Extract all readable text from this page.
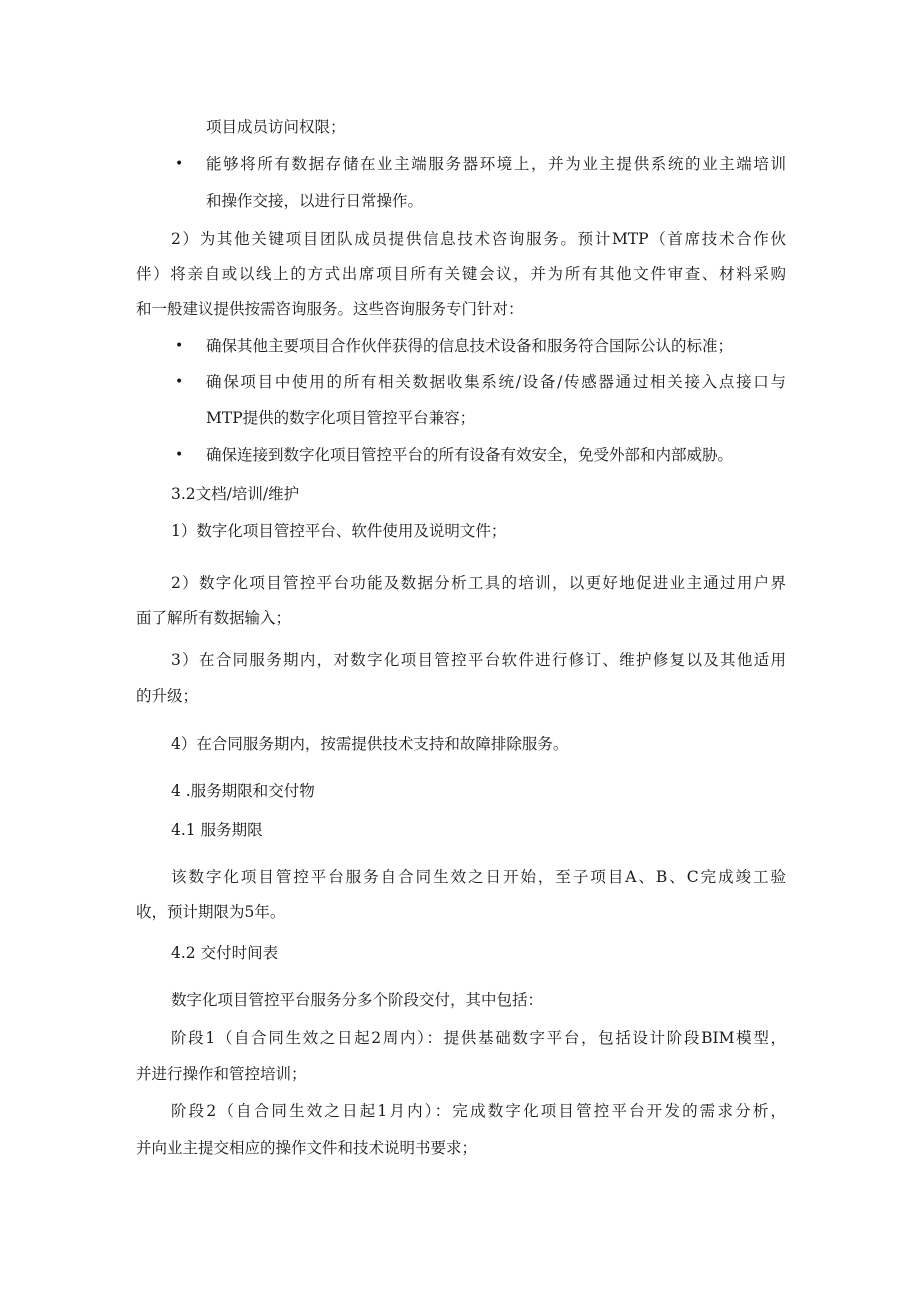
项目成员访问权限；
• 能够将所有数据存储在业主端服务器环境上，并为业主提供系统的业主端培训
和操作交接，以进行日常操作。
2）为其他关键项目团队成员提供信息技术咨询服务。预计MTP（首席技术合作伙
伴）将亲自或以线上的方式出席项目所有关键会议，并为所有其他文件审查、材料采购
和一般建议提供按需咨询服务。这些咨询服务专门针对：
• 确保其他主要项目合作伙伴获得的信息技术设备和服务符合国际公认的标准；
• 确保项目中使用的所有相关数据收集系统/设备/传感器通过相关接入点接口与
MTP提供的数字化项目管控平台兼容；
• 确保连接到数字化项目管控平台的所有设备有效安全，免受外部和内部威胁。
3.2文档/培训/维护
1）数字化项目管控平台、软件使用及说明文件；
2）数字化项目管控平台功能及数据分析工具的培训，以更好地促进业主通过用户界
面了解所有数据输入；
3）在合同服务期内，对数字化项目管控平台软件进行修订、维护修复以及其他适用
的升级；
4）在合同服务期内，按需提供技术支持和故障排除服务。
4 .服务期限和交付物
4.1 服务期限
该数字化项目管控平台服务自合同生效之日开始，至子项目A、B、C完成竣工验
收，预计期限为5年。
4.2 交付时间表
数字化项目管控平台服务分多个阶段交付，其中包括：
阶段1（自合同生效之日起2周内）：提供基础数字平台，包括设计阶段BIM模型，
并进行操作和管控培训；
阶段2（自合同生效之日起1月内）：完成数字化项目管控平台开发的需求分析，
并向业主提交相应的操作文件和技术说明书要求；
